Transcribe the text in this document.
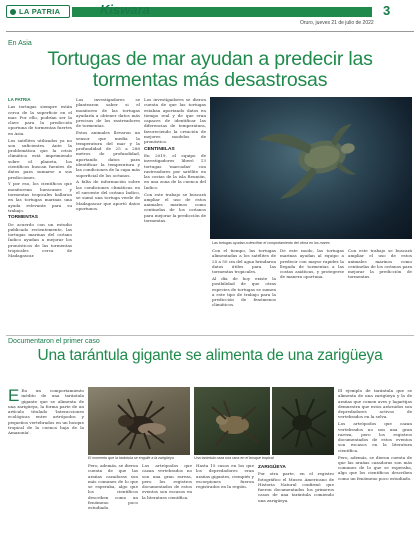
LA PATRIA	Kiswara
Oruro, jueves 21 de julio de 2022
3
En Asia
Tortugas de mar ayudan a predecir las tormentas más desastrosas
LA PATRIA

Las tortugas siempre están cerca de la superficie en el mar. Por ello, podrían ser la clave para la predicción oportuna de tormentas fuertes en Asia.

Los satélites utilizados ya no son suficientes. Ante la problemática que la crisis climática está imprimiendo sobre el planeta, los científicos buscan fuentes de datos para sumarse a sus predicciones.

Y por eso, los científicos que monitorean huracanes y tormentas tropicales hallaron en las tortugas marinas una ayuda relevante para su trabajo.

TORMENTAS

De acuerdo con un estudio publicado recientemente, las tortugas marinas del océano Índico ayudan a mejorar los pronósticos de las tormentas tropicales cerca de Madagascar.

Los investigadores se plantearon saber si el monitoreo de las tortugas ayudaría a obtener datos más precisos de los rastreadores de tormentas.

Estos animales llevaron un sensor que medía la temperatura del mar y la profundidad de 25 a 288 metros de profundidad, aportando datos para identificar la temperatura y las condiciones de la capa más superficial de los océanos.

A falta de información sobre las condiciones climáticas en el suroeste del océano Índico, se sumó una tortuga verde de Madagascar que aportó datos oportunos.

Los investigadores se dieron cuenta de que las tortugas estaban aportando datos en tiempo real y de que eran capaces de identificar las diferencias de temperatura, favoreciendo la creación de mejores modelos de pronóstico.

CENTINELAS

En 2019, el equipo de investigadores liberó 13 tortugas 'marcadas' con rastreadores por satélite en las costas de la isla Reunión, en una zona de la cuenca del Índico.

Con este trabajo se buscará ampliar el uso de estos animales marinos como centinelas de los océanos para mejorar la predicción de tormentas.

Las tortugas ayudan a descifrar el comportamiento del clima en los mares

Con el tiempo, las tortugas alimentadas a los satélites de 25 a 50 cm del agua brindaron datos útiles para las tormentas tropicales.

Al día de hoy existe la posibilidad de que otras especies de tortugas se sumen a este tipo de trabajo para la predicción de fenómenos climáticos.

De este modo, las tortugas marinas ayudan al equipo a predecir con mayor rapidez la llegada de tormentas a las costas asiáticas, y protegerse de manera oportuna.

Con este trabajo se buscará ampliar el uso de estos animales marinos como centinelas de los océanos para mejorar la predicción de tormentas.

Documentaron el primer caso
Una tarántula gigante se alimenta de una zarigüeya
E En un comportamiento inédito de una tarántula gigante que se alimenta de una zarigüeya, la forma parte de un artículo titulado 'Interacciones ecológicas entre artrópodos y pequeños vertebrados en un bosque tropical de la cuenca baja de la Amazonía'.

El momento que la tarántula se engulle a la zarigüeya	Una tarántula caza una rana en el bosque tropical

Pero, además, se dieron cuenta de que las arañas cazadoras son más comunes de lo que se esperaba, algo que los científicos describen como un fenómeno poco estudiado.

Los artrópodos que cazan vertebrados no son una gran rareza, pero los registros documentados de estos eventos son escasos en la literatura científica.

Hasta 15 casos en los que los depredadores eran arañas gigantes, ciempiés y escorpiones fueron registrados en la región.

ZARIGÜEYA

Por otra parte, en el registro fotográfico el Museo Americano de Historia Natural confirmó que fueron documentados los primeros casos de una tarántula comiendo una zarigüeya.

El ejemplo de tarántula que se alimenta de una zarigüeya y la de arañas que comen aves y lagartijas demuestra que estos arácnidos son depredadores activos de vertebrados en la selva.

Los artrópodos que cazan vertebrados no son una gran rareza, pero los registros documentados de estos eventos son escasos en la literatura científica.

Pero, además, se dieron cuenta de que las arañas cazadoras son más comunes de lo que se esperaba, algo que los científicos describen como un fenómeno poco estudiado.
